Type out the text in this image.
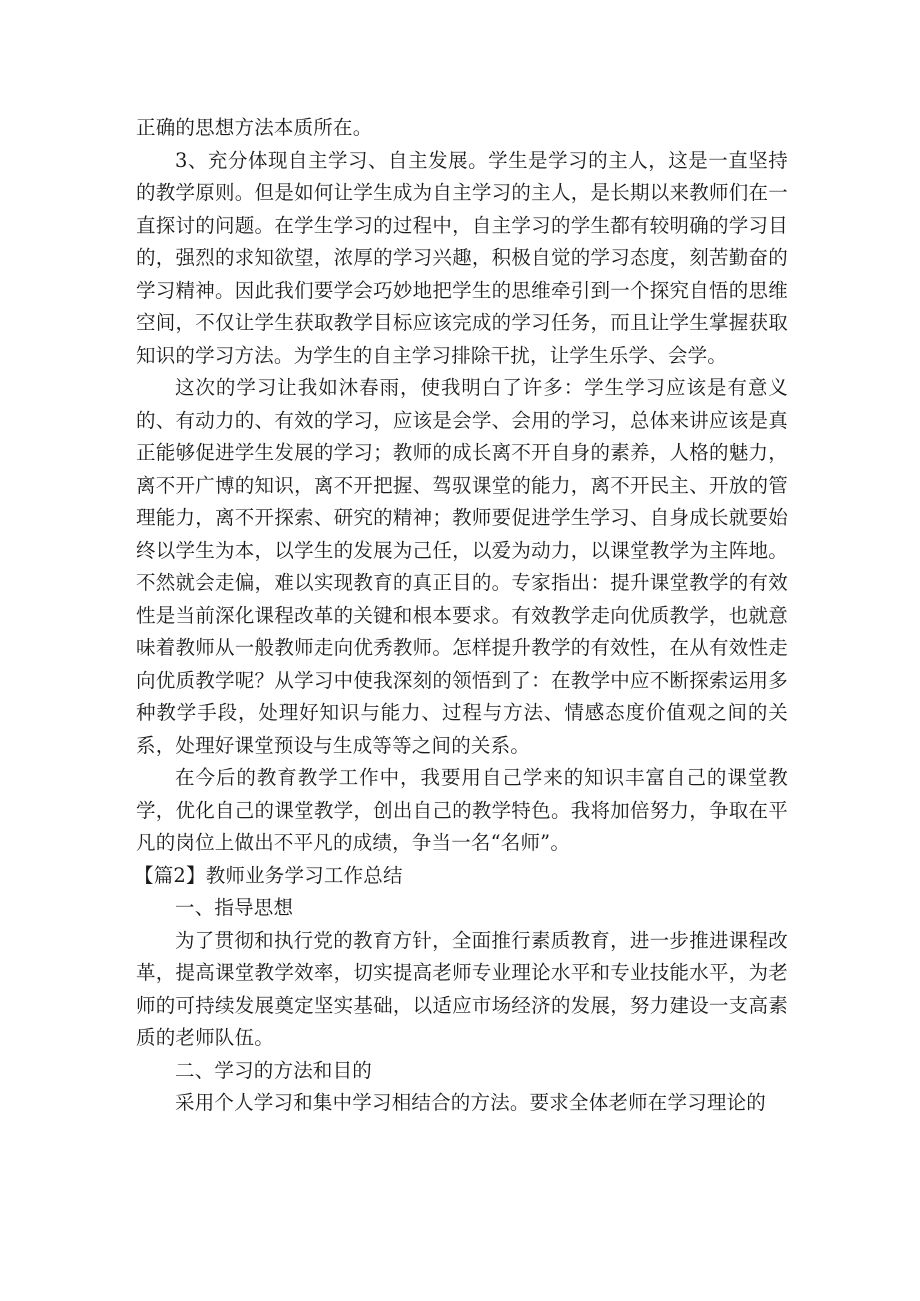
正确的思想方法本质所在。

3、充分体现自主学习、自主发展。学生是学习的主人，这是一直坚持的教学原则。但是如何让学生成为自主学习的主人，是长期以来教师们在一直探讨的问题。在学生学习的过程中，自主学习的学生都有较明确的学习目的，强烈的求知欲望，浓厚的学习兴趣，积极自觉的学习态度，刻苦勤奋的学习精神。因此我们要学会巧妙地把学生的思维牵引到一个探究自悟的思维空间，不仅让学生获取教学目标应该完成的学习任务，而且让学生掌握获取知识的学习方法。为学生的自主学习排除干扰，让学生乐学、会学。

这次的学习让我如沐春雨，使我明白了许多：学生学习应该是有意义的、有动力的、有效的学习，应该是会学、会用的学习，总体来讲应该是真正能够促进学生发展的学习；教师的成长离不开自身的素养，人格的魅力，离不开广博的知识，离不开把握、驾驭课堂的能力，离不开民主、开放的管理能力，离不开探索、研究的精神；教师要促进学生学习、自身成长就要始终以学生为本，以学生的发展为己任，以爱为动力，以课堂教学为主阵地。不然就会走偏，难以实现教育的真正目的。专家指出：提升课堂教学的有效性是当前深化课程改革的关键和根本要求。有效教学走向优质教学，也就意味着教师从一般教师走向优秀教师。怎样提升教学的有效性，在从有效性走向优质教学呢？从学习中使我深刻的领悟到了：在教学中应不断探索运用多种教学手段，处理好知识与能力、过程与方法、情感态度价值观之间的关系，处理好课堂预设与生成等等之间的关系。

在今后的教育教学工作中，我要用自己学来的知识丰富自己的课堂教学，优化自己的课堂教学，创出自己的教学特色。我将加倍努力，争取在平凡的岗位上做出不平凡的成绩，争当一名“名师”。

【篇2】教师业务学习工作总结

一、指导思想

为了贯彻和执行党的教育方针，全面推行素质教育，进一步推进课程改革，提高课堂教学效率，切实提高老师专业理论水平和专业技能水平，为老师的可持续发展奠定坚实基础，以适应市场经济的发展，努力建设一支高素质的老师队伍。

二、学习的方法和目的

采用个人学习和集中学习相结合的方法。要求全体老师在学习理论的
